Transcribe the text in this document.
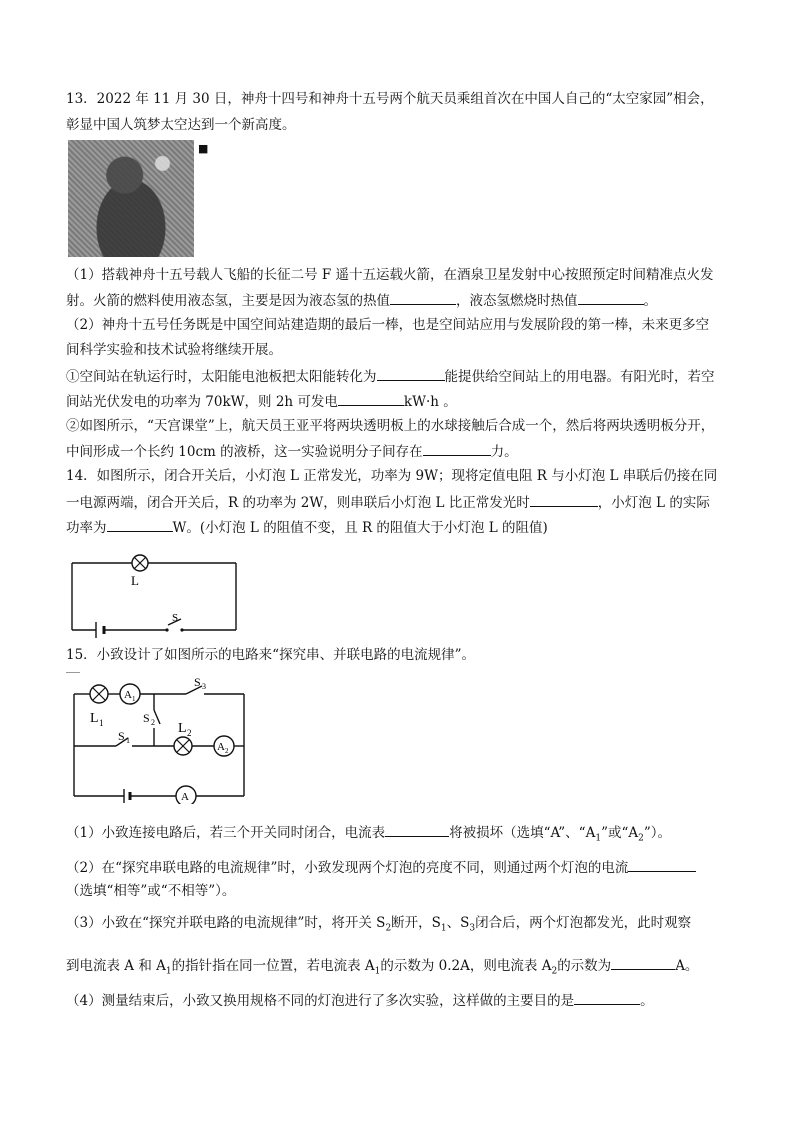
13．2022 年 11 月 30 日，神舟十四号和神舟十五号两个航天员乘组首次在中国人自己的“太空家园”相会，
彰显中国人筑梦太空达到一个新高度。
■
（1）搭载神舟十五号载人飞船的长征二号 F 遥十五运载火箭，在酒泉卫星发射中心按照预定时间精准点火发
射。火箭的燃料使用液态氢，主要是因为液态氢的热值	，液态氢燃烧时热值	。
（2）神舟十五号任务既是中国空间站建造期的最后一棒，也是空间站应用与发展阶段的第一棒，未来更多空
间科学实验和技术试验将继续开展。
①空间站在轨运行时，太阳能电池板把太阳能转化为	能提供给空间站上的用电器。有阳光时，若空
间站光伏发电的功率为 70kW，则 2h 可发电	kW·h 。
②如图所示，“天宫课堂”上，航天员王亚平将两块透明板上的水球接触后合成一个，然后将两块透明板分开，
中间形成一个长约 10cm 的液桥，这一实验说明分子间存在	力。
14．如图所示，闭合开关后，小灯泡 L 正常发光，功率为 9W；现将定值电阻 R 与小灯泡 L 串联后仍接在同
一电源两端，闭合开关后，R 的功率为 2W，则串联后小灯泡 L 比正常发光时	，小灯泡 L 的实际
功率为	W。(小灯泡 L 的阻值不变，且 R 的阻值大于小灯泡 L 的阻值)
L
S
15．小致设计了如图所示的电路来“探究串、并联电路的电流规律”。
A 1
A 2
A
L 1	L 2
S 1
S 2
S 3
（1）小致连接电路后，若三个开关同时闭合，电流表	将被损坏（选填“A”、“$A_1$”或“$A_2$”）。
（2）在“探究串联电路的电流规律”时，小致发现两个灯泡的亮度不同，则通过两个灯泡的电流
（选填“相等”或“不相等”）。
（3）小致在“探究并联电路的电流规律”时，将开关 $S_2$断开，$S_1$、$S_3$闭合后，两个灯泡都发光，此时观察
到电流表 A 和 $A_1$的指针指在同一位置，若电流表 $A_1$的示数为 0.2A，则电流表 $A_2$的示数为	A。
（4）测量结束后，小致又换用规格不同的灯泡进行了多次实验，这样做的主要目的是	。
